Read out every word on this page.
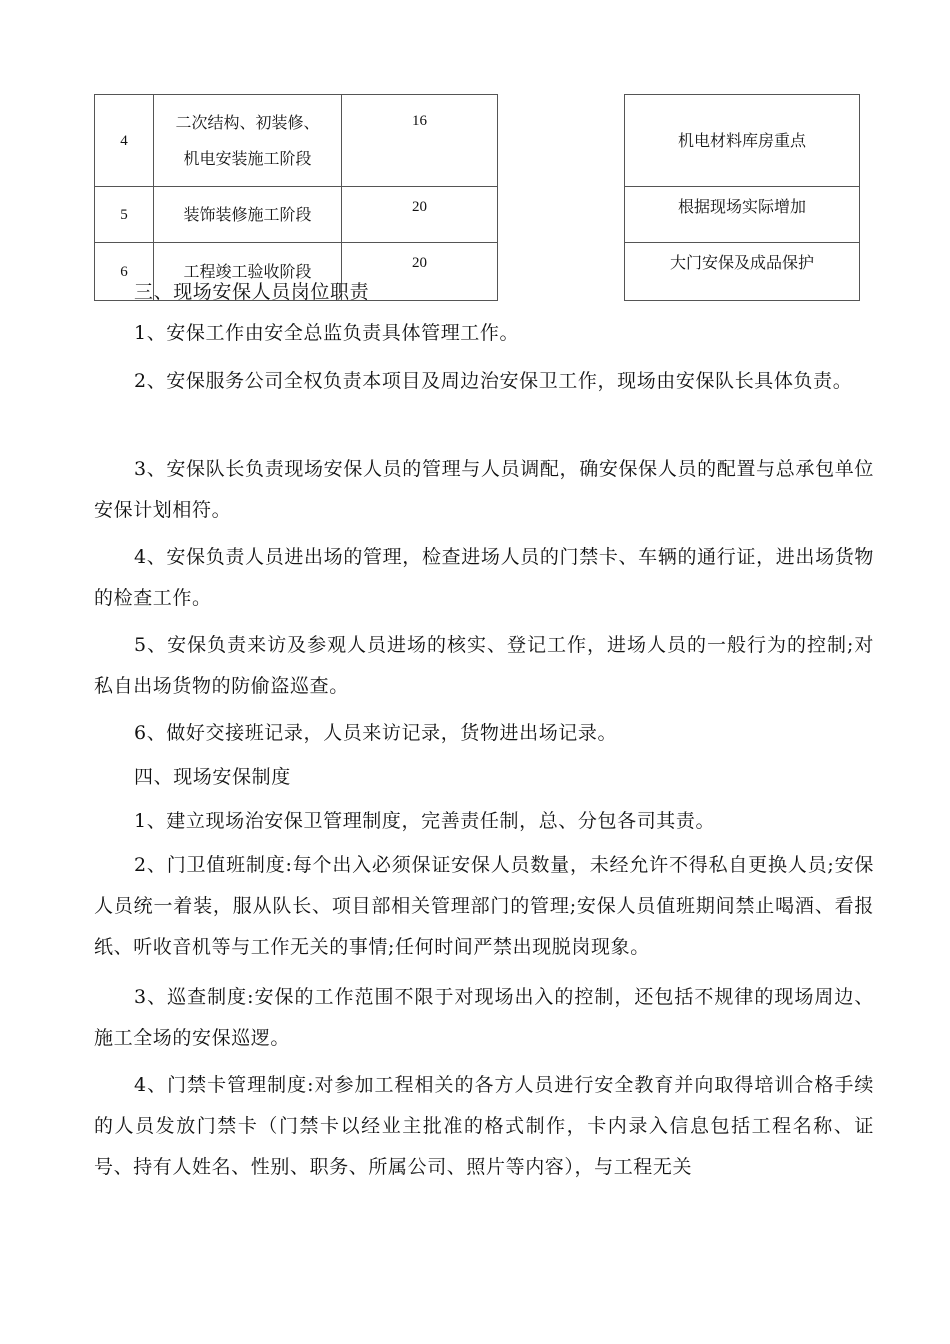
4	二次结构、初装修、
机电安装施工阶段	16		机电材料库房重点
5	装饰装修施工阶段	20		根据现场实际增加
6	工程竣工验收阶段	20		大门安保及成品保护

三、现场安保人员岗位职责

1、安保工作由安全总监负责具体管理工作。

2、安保服务公司全权负责本项目及周边治安保卫工作，现场由安保队长具体负责。

3、安保队长负责现场安保人员的管理与人员调配，确安保保人员的配置与总承包单位安保计划相符。

4、安保负责人员进出场的管理，检查进场人员的门禁卡、车辆的通行证，进出场货物的检查工作。

5、安保负责来访及参观人员进场的核实、登记工作，进场人员的一般行为的控制;对私自出场货物的防偷盗巡查。

6、做好交接班记录，人员来访记录，货物进出场记录。

四、现场安保制度

1、建立现场治安保卫管理制度，完善责任制，总、分包各司其责。

2、门卫值班制度:每个出入必须保证安保人员数量，未经允许不得私自更换人员;安保人员统一着装，服从队长、项目部相关管理部门的管理;安保人员值班期间禁止喝酒、看报纸、听收音机等与工作无关的事情;任何时间严禁出现脱岗现象。

3、巡查制度:安保的工作范围不限于对现场出入的控制，还包括不规律的现场周边、施工全场的安保巡逻。

4、门禁卡管理制度:对参加工程相关的各方人员进行安全教育并向取得培训合格手续的人员发放门禁卡（门禁卡以经业主批准的格式制作，卡内录入信息包括工程名称、证号、持有人姓名、性别、职务、所属公司、照片等内容），与工程无关
